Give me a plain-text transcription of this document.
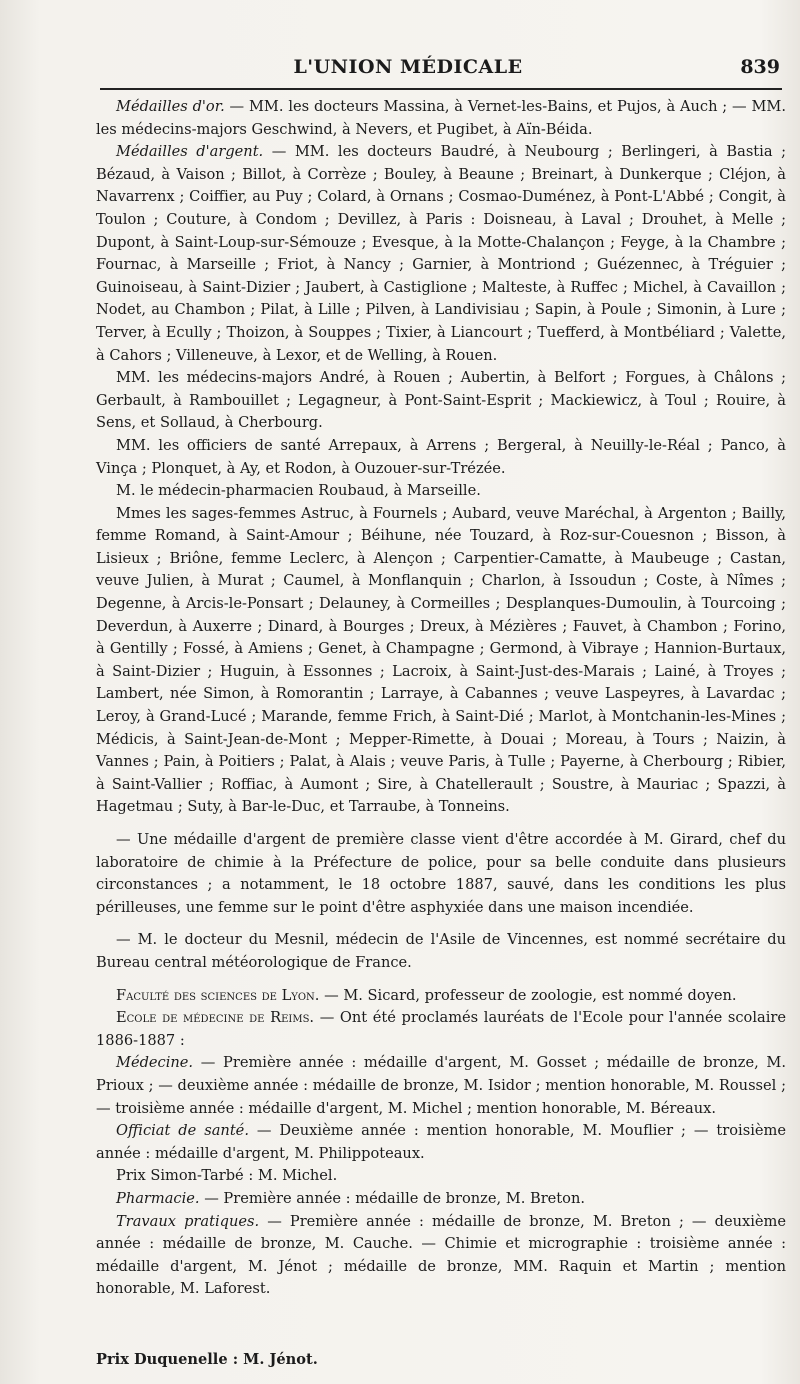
L'UNION MÉDICALE	839

Médailles d'or. — MM. les docteurs Massina, à Vernet-les-Bains, et Pujos, à Auch ; — MM. les médecins-majors Geschwind, à Nevers, et Pugibet, à Aïn-Béida.

Médailles d'argent. — MM. les docteurs Baudré, à Neubourg ; Berlingeri, à Bastia ; Bézaud, à Vaison ; Billot, à Corrèze ; Bouley, à Beaune ; Breinart, à Dunkerque ; Cléjon, à Navarrenx ; Coiffier, au Puy ; Colard, à Ornans ; Cosmao-Duménez, à Pont-L'Abbé ; Congit, à Toulon ; Couture, à Condom ; Devillez, à Paris : Doisneau, à Laval ; Drouhet, à Melle ; Dupont, à Saint-Loup-sur-Sémouze ; Evesque, à la Motte-Chalançon ; Feyge, à la Chambre ; Fournac, à Marseille ; Friot, à Nancy ; Garnier, à Montriond ; Guézennec, à Tréguier ; Guinoiseau, à Saint-Dizier ; Jaubert, à Castiglione ; Malteste, à Ruffec ; Michel, à Cavaillon ; Nodet, au Chambon ; Pilat, à Lille ; Pilven, à Landivisiau ; Sapin, à Poule ; Simonin, à Lure ; Terver, à Ecully ; Thoizon, à Souppes ; Tixier, à Liancourt ; Tuefferd, à Montbéliard ; Valette, à Cahors ; Villeneuve, à Lexor, et de Welling, à Rouen.

MM. les médecins-majors André, à Rouen ; Aubertin, à Belfort ; Forgues, à Châlons ; Gerbault, à Rambouillet ; Legagneur, à Pont-Saint-Esprit ; Mackiewicz, à Toul ; Rouire, à Sens, et Sollaud, à Cherbourg.

MM. les officiers de santé Arrepaux, à Arrens ; Bergeral, à Neuilly-le-Réal ; Panco, à Vinça ; Plonquet, à Ay, et Rodon, à Ouzouer-sur-Trézée.

M. le médecin-pharmacien Roubaud, à Marseille.

Mmes les sages-femmes Astruc, à Fournels ; Aubard, veuve Maréchal, à Argenton ; Bailly, femme Romand, à Saint-Amour ; Béihune, née Touzard, à Roz-sur-Couesnon ; Bisson, à Lisieux ; Briône, femme Leclerc, à Alençon ; Carpentier-Camatte, à Maubeuge ; Castan, veuve Julien, à Murat ; Caumel, à Monflanquin ; Charlon, à Issoudun ; Coste, à Nîmes ; Degenne, à Arcis-le-Ponsart ; Delauney, à Cormeilles ; Desplanques-Dumoulin, à Tourcoing ; Deverdun, à Auxerre ; Dinard, à Bourges ; Dreux, à Mézières ; Fauvet, à Chambon ; Forino, à Gentilly ; Fossé, à Amiens ; Genet, à Champagne ; Germond, à Vibraye ; Hannion-Burtaux, à Saint-Dizier ; Huguin, à Essonnes ; Lacroix, à Saint-Just-des-Marais ; Lainé, à Troyes ; Lambert, née Simon, à Romorantin ; Larraye, à Cabannes ; veuve Laspeyres, à Lavardac ; Leroy, à Grand-Lucé ; Marande, femme Frich, à Saint-Dié ; Marlot, à Montchanin-les-Mines ; Médicis, à Saint-Jean-de-Mont ; Mepper-Rimette, à Douai ; Moreau, à Tours ; Naizin, à Vannes ; Pain, à Poitiers ; Palat, à Alais ; veuve Paris, à Tulle ; Payerne, à Cherbourg ; Ribier, à Saint-Vallier ; Roffiac, à Aumont ; Sire, à Chatellerault ; Soustre, à Mauriac ; Spazzi, à Hagetmau ; Suty, à Bar-le-Duc, et Tarraube, à Tonneins.

— Une médaille d'argent de première classe vient d'être accordée à M. Girard, chef du laboratoire de chimie à la Préfecture de police, pour sa belle conduite dans plusieurs circonstances ; a notamment, le 18 octobre 1887, sauvé, dans les conditions les plus périlleuses, une femme sur le point d'être asphyxiée dans une maison incendiée.

— M. le docteur du Mesnil, médecin de l'Asile de Vincennes, est nommé secrétaire du Bureau central météorologique de France.

Faculté des sciences de Lyon. — M. Sicard, professeur de zoologie, est nommé doyen.

Ecole de médecine de Reims. — Ont été proclamés lauréats de l'Ecole pour l'année scolaire 1886-1887 :

Médecine. — Première année : médaille d'argent, M. Gosset ; médaille de bronze, M. Prioux ; — deuxième année : médaille de bronze, M. Isidor ; mention honorable, M. Roussel ; — troisième année : médaille d'argent, M. Michel ; mention honorable, M. Béreaux.

Officiat de santé. — Deuxième année : mention honorable, M. Mouflier ; — troisième année : médaille d'argent, M. Philippoteaux.

Prix Simon-Tarbé : M. Michel.

Pharmacie. — Première année : médaille de bronze, M. Breton.

Travaux pratiques. — Première année : médaille de bronze, M. Breton ; — deuxième année : médaille de bronze, M. Cauche. — Chimie et micrographie : troisième année : médaille d'argent, M. Jénot ; médaille de bronze, MM. Raquin et Martin ; mention honorable, M. Laforest.

Prix Duquenelle : M. Jénot.
